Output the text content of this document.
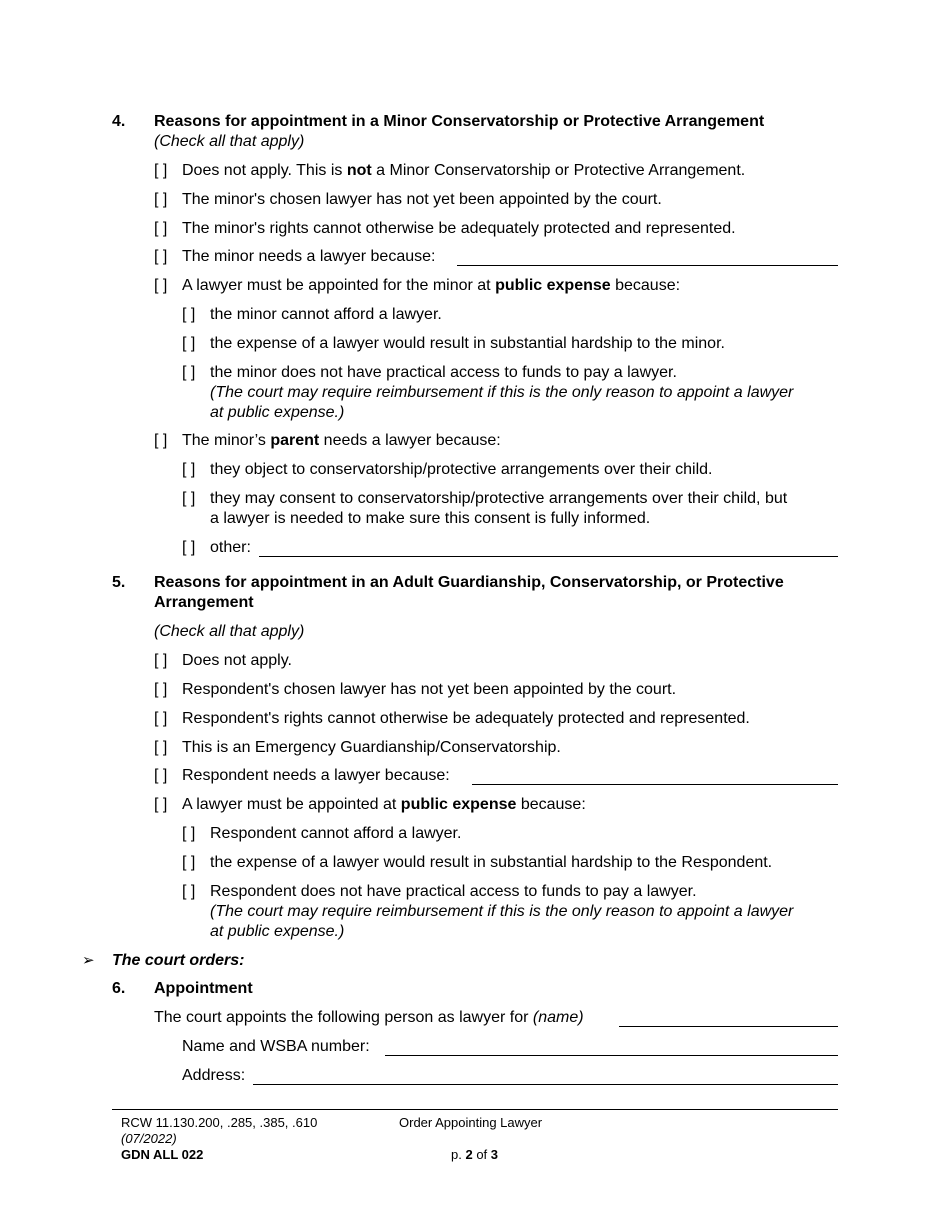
4. Reasons for appointment in a Minor Conservatorship or Protective Arrangement
(Check all that apply)
[ ] Does not apply. This is not a Minor Conservatorship or Protective Arrangement.
[ ] The minor's chosen lawyer has not yet been appointed by the court.
[ ] The minor's rights cannot otherwise be adequately protected and represented.
[ ] The minor needs a lawyer because:
[ ] A lawyer must be appointed for the minor at public expense because:
[ ] the minor cannot afford a lawyer.
[ ] the expense of a lawyer would result in substantial hardship to the minor.
[ ] the minor does not have practical access to funds to pay a lawyer.
(The court may require reimbursement if this is the only reason to appoint a lawyer
at public expense.)
[ ] The minor’s parent needs a lawyer because:
[ ] they object to conservatorship/protective arrangements over their child.
[ ] they may consent to conservatorship/protective arrangements over their child, but
a lawyer is needed to make sure this consent is fully informed.
[ ] other:
5. Reasons for appointment in an Adult Guardianship, Conservatorship, or Protective
Arrangement
(Check all that apply)
[ ] Does not apply.
[ ] Respondent's chosen lawyer has not yet been appointed by the court.
[ ] Respondent's rights cannot otherwise be adequately protected and represented.
[ ] This is an Emergency Guardianship/Conservatorship.
[ ] Respondent needs a lawyer because:
[ ] A lawyer must be appointed at public expense because:
[ ] Respondent cannot afford a lawyer.
[ ] the expense of a lawyer would result in substantial hardship to the Respondent.
[ ] Respondent does not have practical access to funds to pay a lawyer.
(The court may require reimbursement if this is the only reason to appoint a lawyer
at public expense.)
➢ The court orders:
6. Appointment
The court appoints the following person as lawyer for (name)
Name and WSBA number:
Address:
RCW 11.130.200, .285, .385, .610
(07/2022)
GDN ALL 022
Order Appointing Lawyer
p. 2 of 3
